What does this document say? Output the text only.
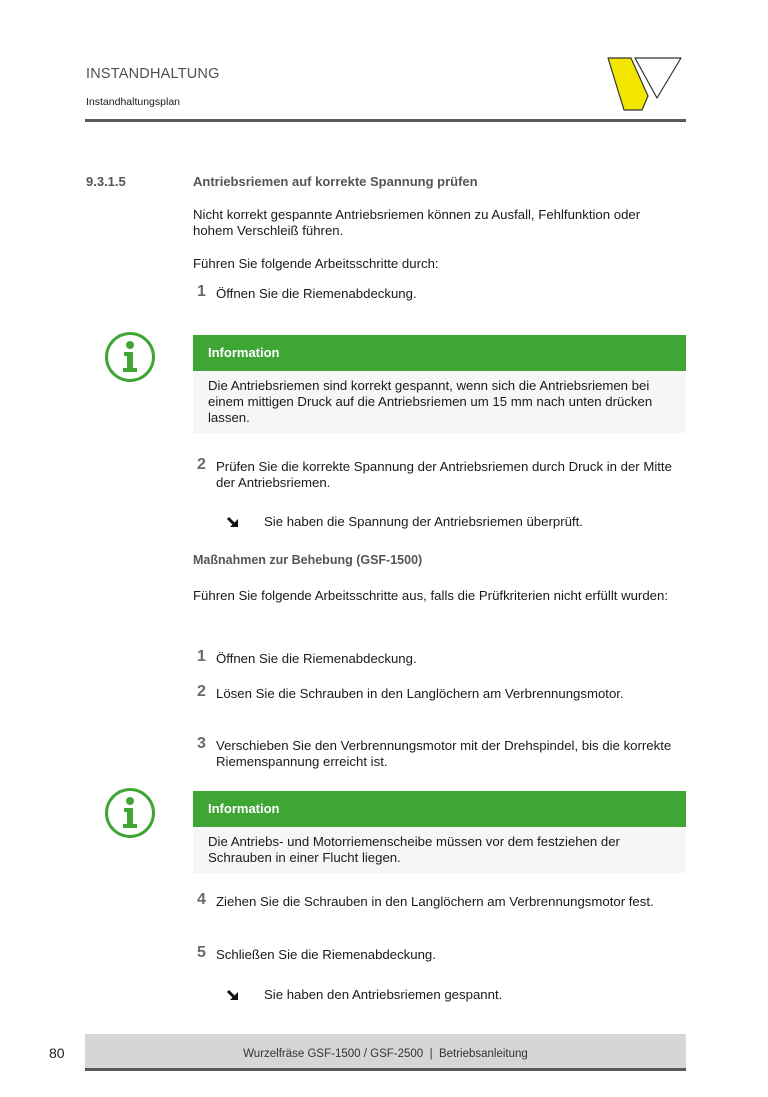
INSTANDHALTUNG
Instandhaltungsplan
9.3.1.5	Antriebsriemen auf korrekte Spannung prüfen
Nicht korrekt gespannte Antriebsriemen können zu Ausfall, Fehlfunktion oder hohem Verschleiß führen.
Führen Sie folgende Arbeitsschritte durch:
1 Öffnen Sie die Riemenabdeckung.
Information
Die Antriebsriemen sind korrekt gespannt, wenn sich die Antriebsriemen bei einem mittigen Druck auf die Antriebsriemen um 15 mm nach unten drücken lassen.
2 Prüfen Sie die korrekte Spannung der Antriebsriemen durch Druck in der Mitte der Antriebsriemen.
Sie haben die Spannung der Antriebsriemen überprüft.
Maßnahmen zur Behebung (GSF-1500)
Führen Sie folgende Arbeitsschritte aus, falls die Prüfkriterien nicht erfüllt wurden:
1 Öffnen Sie die Riemenabdeckung.
2 Lösen Sie die Schrauben in den Langlöchern am Verbrennungsmotor.
3 Verschieben Sie den Verbrennungsmotor mit der Drehspindel, bis die korrekte Riemenspannung erreicht ist.
Information
Die Antriebs- und Motorriemenscheibe müssen vor dem festziehen der Schrauben in einer Flucht liegen.
4 Ziehen Sie die Schrauben in den Langlöchern am Verbrennungsmotor fest.
5 Schließen Sie die Riemenabdeckung.
Sie haben den Antriebsriemen gespannt.
80	Wurzelfräse GSF-1500 / GSF-2500  |  Betriebsanleitung
